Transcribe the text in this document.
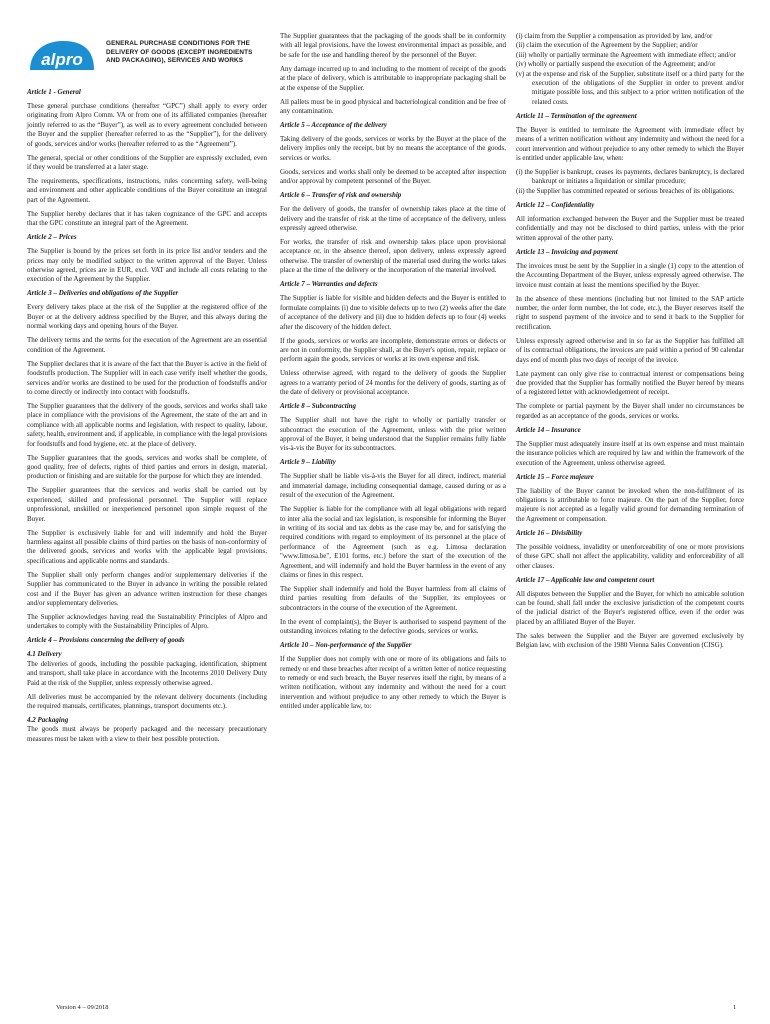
alpro
GENERAL PURCHASE CONDITIONS FOR THE DELIVERY OF GOODS (EXCEPT INGREDIENTS AND PACKAGING), SERVICES AND WORKS
Article 1 - General

These general purchase conditions (hereafter “GPC”) shall apply to every order originating from Alpro Comm. VA or from one of its affiliated companies (hereafter jointly referred to as the “Buyer”), as well as to every agreement concluded between the Buyer and the supplier (hereafter referred to as the “Supplier”), for the delivery of goods, services and/or works (hereafter referred to as the “Agreement”).

The general, special or other conditions of the Supplier are expressly excluded, even if they would be transferred at a later stage.

The requirements, specifications, instructions, rules concerning safety, well-being and environment and other applicable conditions of the Buyer constitute an integral part of the Agreement.

The Supplier hereby declares that it has taken cognizance of the GPC and accepts that the GPC constitute an integral part of the Agreement.

Article 2 – Prices

The Supplier is bound by the prices set forth in its price list and/or tenders and the prices may only be modified subject to the written approval of the Buyer. Unless otherwise agreed, prices are in EUR, excl. VAT and include all costs relating to the execution of the Agreement by the Supplier.

Article 3 – Deliveries and obligations of the Supplier

Every delivery takes place at the risk of the Supplier at the registered office of the Buyer or at the delivery address specified by the Buyer, and this always during the normal working days and opening hours of the Buyer.

The delivery terms and the terms for the execution of the Agreement are an essential condition of the Agreement.

The Supplier declares that it is aware of the fact that the Buyer is active in the field of foodstuffs production. The Supplier will in each case verify itself whether the goods, services and/or works are destined to be used for the production of foodstuffs and/or to come directly or indirectly into contact with foodstuffs.

The Supplier guarantees that the delivery of the goods, services and works shall take place in compliance with the provisions of the Agreement, the state of the art and in compliance with all applicable norms and legislation, with respect to quality, labour, safety, health, environment and, if applicable, in compliance with the legal provisions for foodstuffs and food hygiene, etc. at the place of delivery.

The Supplier guarantees that the goods, services and works shall be complete, of good quality, free of defects, rights of third parties and errors in design, material, production or finishing and are suitable for the purpose for which they are intended.

The Supplier guarantees that the services and works shall be carried out by experienced, skilled and professional personnel. The Supplier will replace unprofessional, unskilled or inexperienced personnel upon simple request of the Buyer.

The Supplier is exclusively liable for and will indemnify and hold the Buyer harmless against all possible claims of third parties on the basis of non-conformity of the delivered goods, services and works with the applicable legal provisions, specifications and applicable norms and standards.

The Supplier shall only perform changes and/or supplementary deliveries if the Supplier has communicated to the Buyer in advance in writing the possible related cost and if the Buyer has given an advance written instruction for these changes and/or supplementary deliveries.

The Supplier acknowledges having read the Sustainability Principles of Alpro and undertakes to comply with the Sustainability Principles of Alpro.

Article 4 – Provisions concerning the delivery of goods
4.1 Delivery

The deliveries of goods, including the possible packaging, identification, shipment and transport, shall take place in accordance with the Incoterms 2010 Delivery Duty Paid at the risk of the Supplier, unless expressly otherwise agreed.

All deliveries must be accompanied by the relevant delivery documents (including the required manuals, certificates, plannings, transport documents etc.).

4.2 Packaging

The goods must always be properly packaged and the necessary precautionary measures must be taken with a view to their best possible protection.

The Supplier guarantees that the packaging of the goods shall be in conformity with all legal provisions, have the lowest environmental impact as possible, and be safe for the use and handling thereof by the personnel of the Buyer.

Any damage incurred up to and including to the moment of receipt of the goods at the place of delivery, which is attributable to inappropriate packaging shall be at the expense of the Supplier.

All pallets must be in good physical and bacteriological condition and be free of any contamination.

Article 5 – Acceptance of the delivery

Taking delivery of the goods, services or works by the Buyer at the place of the delivery implies only the receipt, but by no means the acceptance of the goods, services or works.

Goods, services and works shall only be deemed to be accepted after inspection and/or approval by competent personnel of the Buyer.

Article 6 – Transfer of risk and ownership

For the delivery of goods, the transfer of ownership takes place at the time of delivery and the transfer of risk at the time of acceptance of the delivery, unless expressly agreed otherwise.

For works, the transfer of risk and ownership takes place upon provisional acceptance or, in the absence thereof, upon delivery, unless expressly agreed otherwise. The transfer of ownership of the material used during the works takes place at the time of the delivery or the incorporation of the material involved.

Article 7 – Warranties and defects

The Supplier is liable for visible and hidden defects and the Buyer is entitled to formulate complaints (i) due to visible defects up to two (2) weeks after the date of acceptance of the delivery and (ii) due to hidden defects up to four (4) weeks after the discovery of the hidden defect.

If the goods, services or works are incomplete, demonstrate errors or defects or are not in conformity, the Supplier shall, at the Buyer's option, repair, replace or perform again the goods, services or works at its own expense and risk.

Unless otherwise agreed, with regard to the delivery of goods the Supplier agrees to a warranty period of 24 months for the delivery of goods, starting as of the date of delivery or provisional acceptance.

Article 8 – Subcontracting

The Supplier shall not have the right to wholly or partially transfer or subcontract the execution of the Agreement, unless with the prior written approval of the Buyer, it being understood that the Supplier remains fully liable vis-à-vis the Buyer for its subcontractors.

Article 9 – Liability

The Supplier shall be liable vis-à-vis the Buyer for all direct, indirect, material and immaterial damage, including consequential damage, caused during or as a result of the execution of the Agreement.

The Supplier is liable for the compliance with all legal obligations with regard to inter alia the social and tax legislation, is responsible for informing the Buyer in writing of its social and tax debts as the case may be, and for satisfying the required conditions with regard to employment of its personnel at the place of performance of the Agreement (such as e.g. Limosa declaration "www.limosa.be", E101 forms, etc.) before the start of the execution of the Agreement, and will indemnify and hold the Buyer harmless in the event of any claims or fines in this respect.

The Supplier shall indemnify and hold the Buyer harmless from all claims of third parties resulting from defaults of the Supplier, its employees or subcontractors in the course of the execution of the Agreement.

In the event of complaint(s), the Buyer is authorised to suspend payment of the outstanding invoices relating to the defective goods, services or works.

Article 10 – Non-performance of the Supplier

If the Supplier does not comply with one or more of its obligations and fails to remedy or end these breaches after receipt of a written letter of notice requesting to remedy or end such breach, the Buyer reserves itself the right, by means of a written notification, without any indemnity and without the need for a court intervention and without prejudice to any other remedy to which the Buyer is entitled under applicable law, to:

(i) claim from the Supplier a compensation as provided by law, and/or
(ii) claim the execution of the Agreement by the Supplier; and/or
(iii) wholly or partially terminate the Agreement with immediate effect; and/or
(iv) wholly or partially suspend the execution of the Agreement; and/or
(v) at the expense and risk of the Supplier, substitute itself or a third party for the execution of the obligations of the Supplier in order to prevent and/or mitigate possible loss, and this subject to a prior written notification of the related costs.
Article 11 – Termination of the agreement

The Buyer is entitled to terminate the Agreement with immediate effect by means of a written notification without any indemnity and without the need for a court intervention and without prejudice to any other remedy to which the Buyer is entitled under applicable law, when:

(i) the Supplier is bankrupt, ceases its payments, declares bankruptcy, is declared bankrupt or initiates a liquidation or similar procedure;
(ii) the Supplier has committed repeated or serious breaches of its obligations.
Article 12 – Confidentiality

All information exchanged between the Buyer and the Supplier must be treated confidentially and may not be disclosed to third parties, unless with the prior written approval of the other party.

Article 13 – Invoicing and payment

The invoices must be sent by the Supplier in a single (1) copy to the attention of the Accounting Department of the Buyer, unless expressly agreed otherwise. The invoice must contain at least the mentions specified by the Buyer.

In the absence of these mentions (including but not limited to the SAP article number, the order form number, the lot code, etc.), the Buyer reserves itself the right to suspend payment of the invoice and to send it back to the Supplier for rectification.

Unless expressly agreed otherwise and in so far as the Supplier has fulfilled all of its contractual obligations, the invoices are paid within a period of 90 calendar days end of month plus two days of receipt of the invoice.

Late payment can only give rise to contractual interest or compensations being due provided that the Supplier has formally notified the Buyer hereof by means of a registered letter with acknowledgement of receipt.

The complete or partial payment by the Buyer shall under no circumstances be regarded as an acceptance of the goods, services or works.

Article 14 – Insurance

The Supplier must adequately insure itself at its own expense and must maintain the insurance policies which are required by law and within the framework of the execution of the Agreement, unless otherwise agreed.

Article 15 – Force majeure

The liability of the Buyer cannot be invoked when the non-fulfilment of its obligations is attributable to force majeure. On the part of the Supplier, force majeure is not accepted as a legally valid ground for demanding termination of the Agreement or compensation.

Article 16 – Divisibility

The possible voidness, invalidity or unenforceability of one or more provisions of these GPC shall not affect the applicability, validity and enforceability of all other clauses.

Article 17 – Applicable law and competent court

All disputes between the Supplier and the Buyer, for which no amicable solution can be found, shall fall under the exclusive jurisdiction of the competent courts of the judicial district of the Buyer's registered office, even if the order was placed by an affiliated Buyer of the Buyer.

The sales between the Supplier and the Buyer are governed exclusively by Belgian law, with exclusion of the 1980 Vienna Sales Convention (CISG).

Version 4 – 09/2018	1
